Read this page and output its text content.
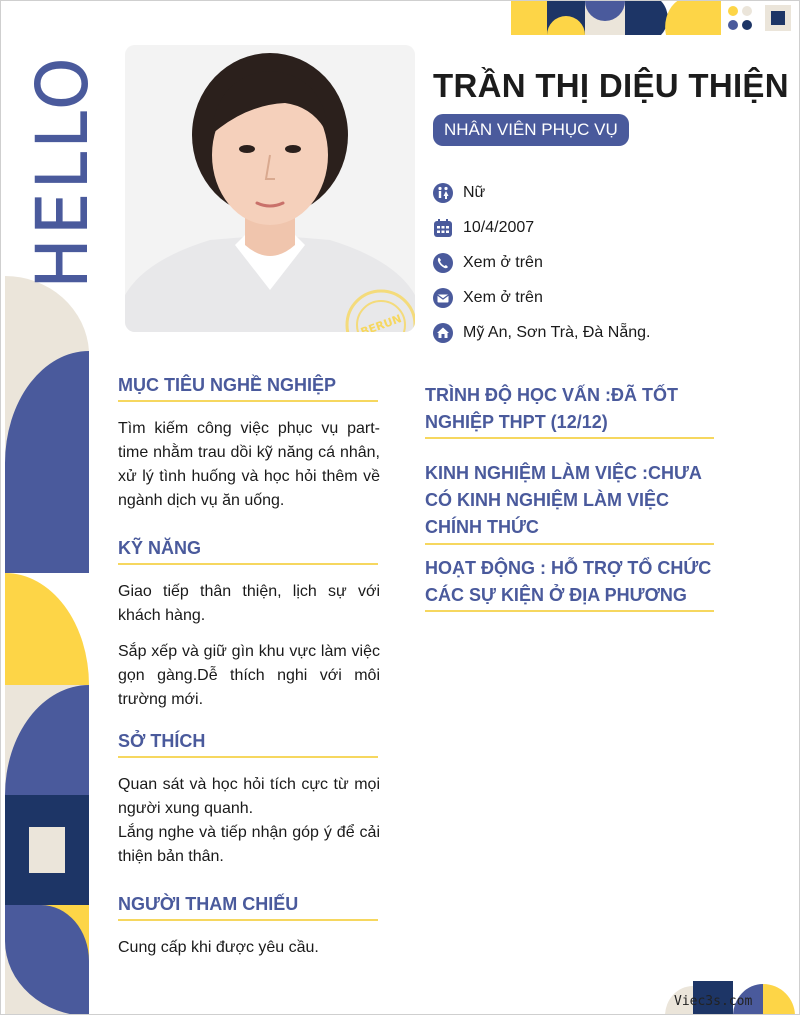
HELLO
BERUN
RECEIVED
TRẦN THỊ DIỆU THIỆN
NHÂN VIÊN PHỤC VỤ
Nữ
10/4/2007
Xem ở trên
Xem ở trên
Mỹ An, Sơn Trà, Đà Nẵng.
MỤC TIÊU NGHỀ NGHIỆP
Tìm kiếm công việc phục vụ part-time nhằm trau dồi kỹ năng cá nhân, xử lý tình huống và học hỏi thêm về ngành dịch vụ ăn uống.
KỸ NĂNG
Giao tiếp thân thiện, lịch sự với khách hàng.
Sắp xếp và giữ gìn khu vực làm việc gọn gàng.Dễ thích nghi với môi trường mới.
SỞ THÍCH
Quan sát và học hỏi tích cực từ mọi người xung quanh.
Lắng nghe và tiếp nhận góp ý để cải thiện bản thân.
NGƯỜI THAM CHIẾU
Cung cấp khi được yêu cầu.
TRÌNH ĐỘ HỌC VẤN :ĐÃ TỐT NGHIỆP THPT (12/12)
KINH NGHIỆM LÀM VIỆC :CHƯA CÓ KINH NGHIỆM LÀM VIỆC CHÍNH THỨC
HOẠT ĐỘNG : HỖ TRỢ TỔ CHỨC CÁC SỰ KIỆN Ở ĐỊA PHƯƠNG
Viec3s.com
